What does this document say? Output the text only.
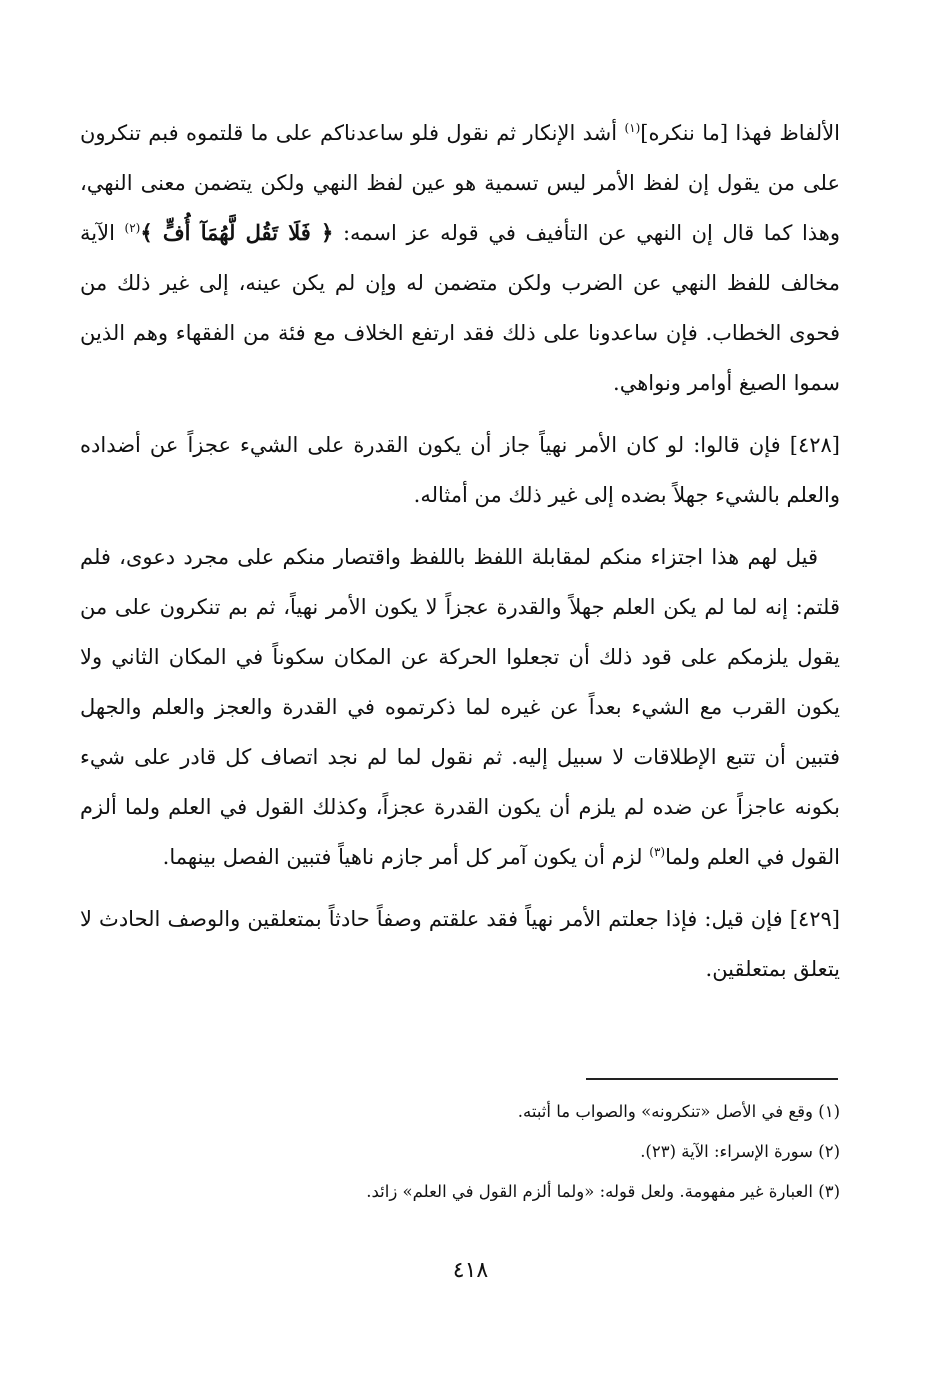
الألفاظ فهذا [ما ننكره]$^{(١)}$ أشد الإنكار ثم نقول فلو ساعدناكم على ما قلتموه فبم تنكرون على من يقول إن لفظ الأمر ليس تسمية هو عين لفظ النهي ولكن يتضمن معنى النهي، وهذا كما قال إن النهي عن التأفيف في قوله عز اسمه: ﴿ فَلَا تَقُل لَّهُمَآ أُفٍّ ﴾$^{(٢)}$ الآية مخالف للفظ النهي عن الضرب ولكن متضمن له وإن لم يكن عينه، إلى غير ذلك من فحوى الخطاب. فإن ساعدونا على ذلك فقد ارتفع الخلاف مع فئة من الفقهاء وهم الذين سموا الصيغ أوامر ونواهي.

[٤٢٨] فإن قالوا: لو كان الأمر نهياً جاز أن يكون القدرة على الشيء عجزاً عن أضداده والعلم بالشيء جهلاً بضده إلى غير ذلك من أمثاله.

قيل لهم هذا اجتزاء منكم لمقابلة اللفظ باللفظ واقتصار منكم على مجرد دعوى، فلم قلتم: إنه لما لم يكن العلم جهلاً والقدرة عجزاً لا يكون الأمر نهياً، ثم بم تنكرون على من يقول يلزمكم على قود ذلك أن تجعلوا الحركة عن المكان سكوناً في المكان الثاني ولا يكون القرب مع الشيء بعداً عن غيره لما ذكرتموه في القدرة والعجز والعلم والجهل فتبين أن تتبع الإطلاقات لا سبيل إليه. ثم نقول لما لم نجد اتصاف كل قادر على شيء بكونه عاجزاً عن ضده لم يلزم أن يكون القدرة عجزاً، وكذلك القول في العلم ولما ألزم القول في العلم ولما$^{(٣)}$ لزم أن يكون آمر كل أمر جازم ناهياً فتبين الفصل بينهما.

[٤٢٩] فإن قيل: فإذا جعلتم الأمر نهياً فقد علقتم وصفاً حادثاً بمتعلقين والوصف الحادث لا يتعلق بمتعلقين.

(١) وقع في الأصل «تنكرونه» والصواب ما أثبته.

(٢) سورة الإسراء: الآية (٢٣).

(٣) العبارة غير مفهومة. ولعل قوله: «ولما ألزم القول في العلم» زائد.

٤١٨
